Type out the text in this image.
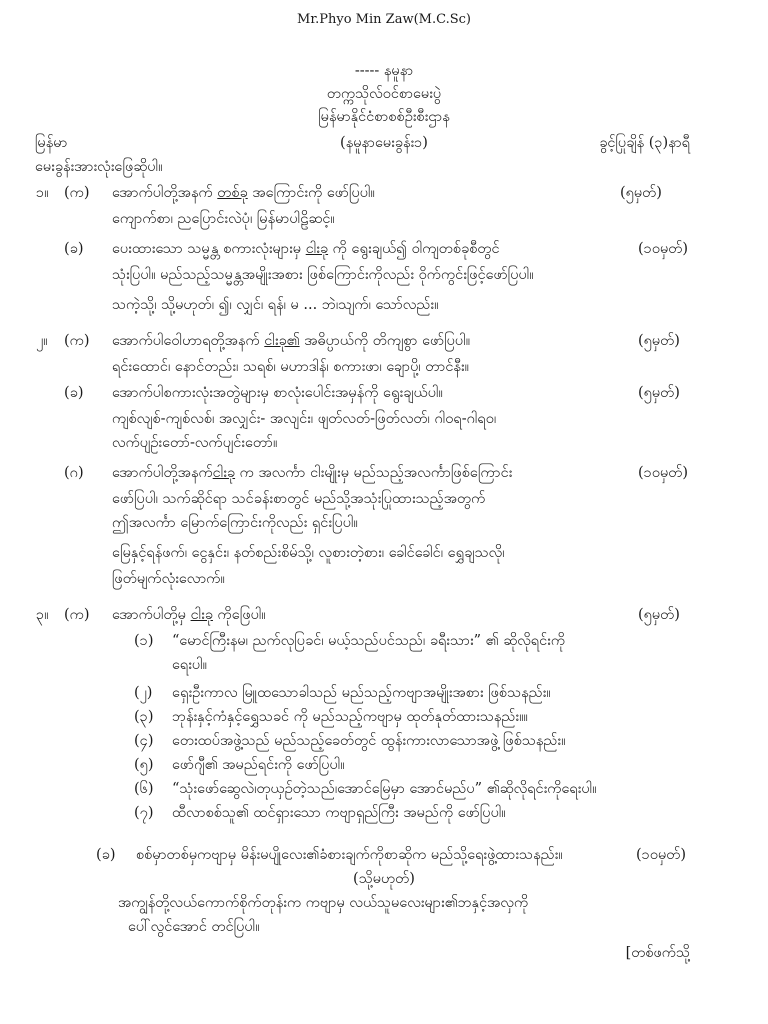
Mr.Phyo Min Zaw(M.C.Sc)
----- နမူနာ
တက္ကသိုလ်ဝင်စာမေးပွဲ
မြန်မာနိုင်ငံစာစစ်ဦးစီးဌာန
မြန်မာ	(နမူနာမေးခွန်း၁)	ခွင့်ပြုချိန် (၃)နာရီ
မေးခွန်းအားလုံးဖြေဆိုပါ။
၁။ (က) အောက်ပါတို့အနက် တစ်ခု အကြောင်းကို ဖော်ပြပါ။	(၅မှတ်)
ကျောက်စာ၊ ညပြောင်းလဲပုံ၊ မြန်မာပါဠိဆင့်။
(ခ) ပေးထားသော သမ္မန္တ စကားလုံးများမှ ငါးခု ကို ရွေးချယ်၍ ဝါကျတစ်ခုစီတွင်	(၁၀မှတ်)
သုံးပြပါ။ မည်သည့်သမ္မန္တအမျိုးအစား ဖြစ်ကြောင်းကိုလည်း ဝိုက်ကွင်းဖြင့်ဖော်ပြပါ။
သကဲ့သို့၊ သို့မဟုတ်၊ ၍၊ လျှင်၊ ရန်၊ မ ... ဘဲ၊သျက်၊ သော်လည်း။
၂။ (က) အောက်ပါဝေါဟာရတို့အနက် ငါးခု၏ အဓိပ္ပာယ်ကို တိကျစွာ ဖော်ပြပါ။	(၅မှတ်)
ရင်းထောင်၊ နောင်တည်း၊ သရစ်၊ မဟာဒါန်၊ စကားဖာ၊ ချောပို့၊ တာင်နီး။
(ခ) အောက်ပါစကားလုံးအတွဲများမှ စာလုံးပေါင်းအမှန်ကို ရွေးချယ်ပါ။	(၅မှတ်)
ကျစ်လျစ်-ကျစ်လစ်၊ အလျှင်း- အလျင်း၊ ဖျတ်လတ်-ဖြတ်လတ်၊ ဂါဝရ-ဂါရဝ၊
လက်ပျဉ်းတော်-လက်ပျင်းတော်။
(ဂ) အောက်ပါတို့အနက်ငါးခု က အလင်္ကာ ငါးမျိုးမှ မည်သည့်အလင်္ကာဖြစ်ကြောင်း	(၁၀မှတ်)
ဖော်ပြပါ၊ သက်ဆိုင်ရာ သင်ခန်းစာတွင် မည်သို့အသုံးပြုထားသည့်အတွက်
ဤအလင်္ကာ မြောက်ကြောင်းကိုလည်း ရှင်းပြပါ။
မြေနှင့်ရန်ဖက်၊ ငွေနှင်း၊ နတ်စည်းစိမ်သို့၊ လူစားတဲ့စား၊ ခေါင်ခေါင်၊ ရွှေချသလို၊
ဖြတ်မျက်လုံးလောက်။
၃။ (က) အောက်ပါတို့မှ ငါးခု ကိုဖြေပါ။	(၅မှတ်)
(၁) “မောင်ကြီးနမ၊ ညက်လုပြခင်၊ မယ့်သည်ပင်သည်၊ ခရီးသား” ၏ ဆိုလိုရင်းကို
ရေးပါ။
(၂) ရှေးဦးကာလ မြူထသောခါသည် မည်သည့်ကဗျာအမျိုးအစား ဖြစ်သနည်း။
(၃) ဘုန်းနှင့်ကံနှင့်ရွှေသခင် ကို မည်သည့်ကဗျာမှ ထုတ်နုတ်ထားသနည်း။။
(၄) တေးထပ်အဖွဲ့သည် မည်သည့်ခေတ်တွင် ထွန်းကားလာသောအဖွဲ့ ဖြစ်သနည်း။
(၅) ဖော်ဂျီ၏ အမည်ရင်းကို ဖော်ပြပါ။
(၆) “သုံးဖော်ဆွေလဲ၊တုယှဉ်တဲ့သည်၊အောင်မြေမှာ အောင်မည်ပ” ၏ဆိုလိုရင်းကိုရေးပါ။
(၇) ထီလာစစ်သူ၏ ထင်ရှားသော ကဗျာရှည်ကြီး အမည်ကို ဖော်ပြပါ။
(ခ) စစ်မှာတစ်မှကဗျာမှ မိန်းမပျိုလေး၏ခံစားချက်ကိုစာဆိုက မည်သို့ရေးဖွဲ့ထားသနည်း။	(၁၀မှတ်)
(သို့မဟုတ်)
အကျွန်တို့လယ်ကောက်စိုက်တုန်းက ကဗျာမှ လယ်သူမလေးများ၏ဘနှင့်အလှကို
ပေါ်လွင်အောင် တင်ပြပါ။
[တစ်ဖက်သို့
